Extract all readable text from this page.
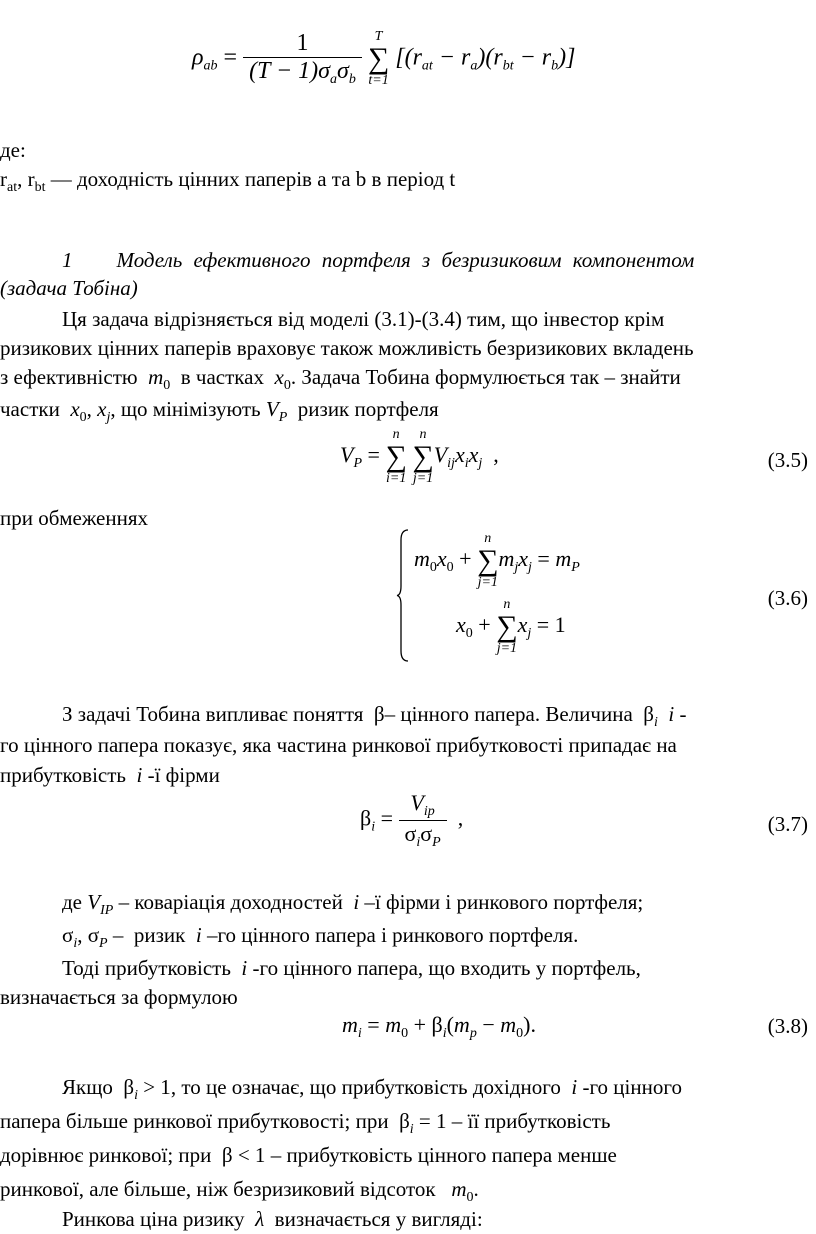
$\rho_{ab} = \frac{1}{(T - 1)\sigma_a\sigma_b}$
T
∑
t=1
$[(r_{at} - r_a)(r_{bt} - r_b)]$
де:
$r_{at}$, $r_{bt}$ — доходність цінних паперів a та b в період t
1 Модель ефективного портфеля з безризиковим компонентом
(задача Тобіна)
Ця задача відрізняється від моделі (3.1)-(3.4) тим, що інвестор крім
ризикових цінних паперів враховує також можливість безризикових вкладень
з ефективністю $m_0$ в частках $x_0$. Задача Тобина формулюється так – знайти
частки $x_0$, $x_j$, що мінімізують $V_P$ ризик портфеля
$V_P$ =
n
∑
i=1

n
∑
j=1
$V_{ij}x_ix_j$  ,	(3.5)
при обмеженнях
$m_0x_0$ +
n
∑
j=1
$m_jx_j = m_P$
$x_0$ +
n
∑
j=1
$x_j = 1$
(3.6)
З задачі Тобина випливає поняття  β– цінного папера. Величина  $\beta_i$ i -
го цінного папера показує, яка частина ринкової прибутковості припадає на
прибутковість i -ї фірми
$\beta_i = \frac{V_{ip}}{\sigma_i\sigma_P}$ ,	(3.7)
де $V_{IP}$ – коваріація доходностей i –ї фірми і ринкового портфеля;
$\sigma_i$, $\sigma_P$ –  ризик i –го цінного папера і ринкового портфеля.
Тоді прибутковість i -го цінного папера, що входить у портфель,
визначається за формулою
$m_i = m_0 + \beta_i(m_p - m_0)$.	(3.8)
Якщо  $\beta_i > 1$, то це означає, що прибутковість дохідного i -го цінного
папера більше ринкової прибутковості; при  $\beta_i = 1$ – її прибутковість
дорівнює ринкової; при  β < 1 – прибутковість цінного папера менше
ринкової, але більше, ніж безризиковий відсоток $m_0$.
Ринкова ціна ризику λ визначається у вигляді:
